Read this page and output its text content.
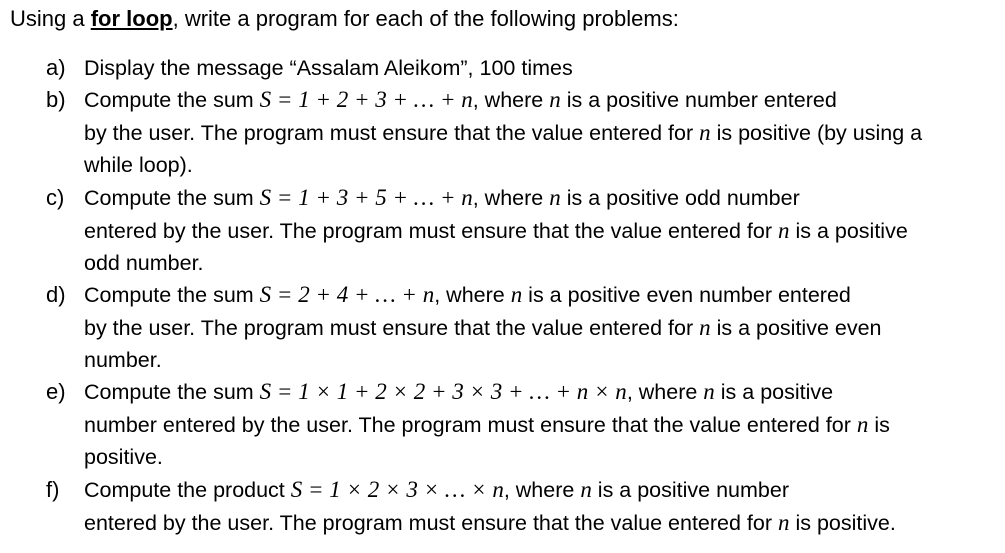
Using a for loop, write a program for each of the following problems:
a) Display the message “Assalam Aleikom”, 100 times
b) Compute the sum S = 1 + 2 + 3 + … + n, where n is a positive number entered
by the user. The program must ensure that the value entered for n is positive (by using a
while loop).
c) Compute the sum S = 1 + 3 + 5 + … + n, where n is a positive odd number
entered by the user. The program must ensure that the value entered for n is a positive
odd number.
d) Compute the sum S = 2 + 4 + … + n, where n is a positive even number entered
by the user. The program must ensure that the value entered for n is a positive even
number.
e) Compute the sum S = 1 × 1 + 2 × 2 + 3 × 3 + … + n × n, where n is a positive
number entered by the user. The program must ensure that the value entered for n is
positive.
f) Compute the product S = 1 × 2 × 3 × … × n, where n is a positive number
entered by the user. The program must ensure that the value entered for n is positive.
